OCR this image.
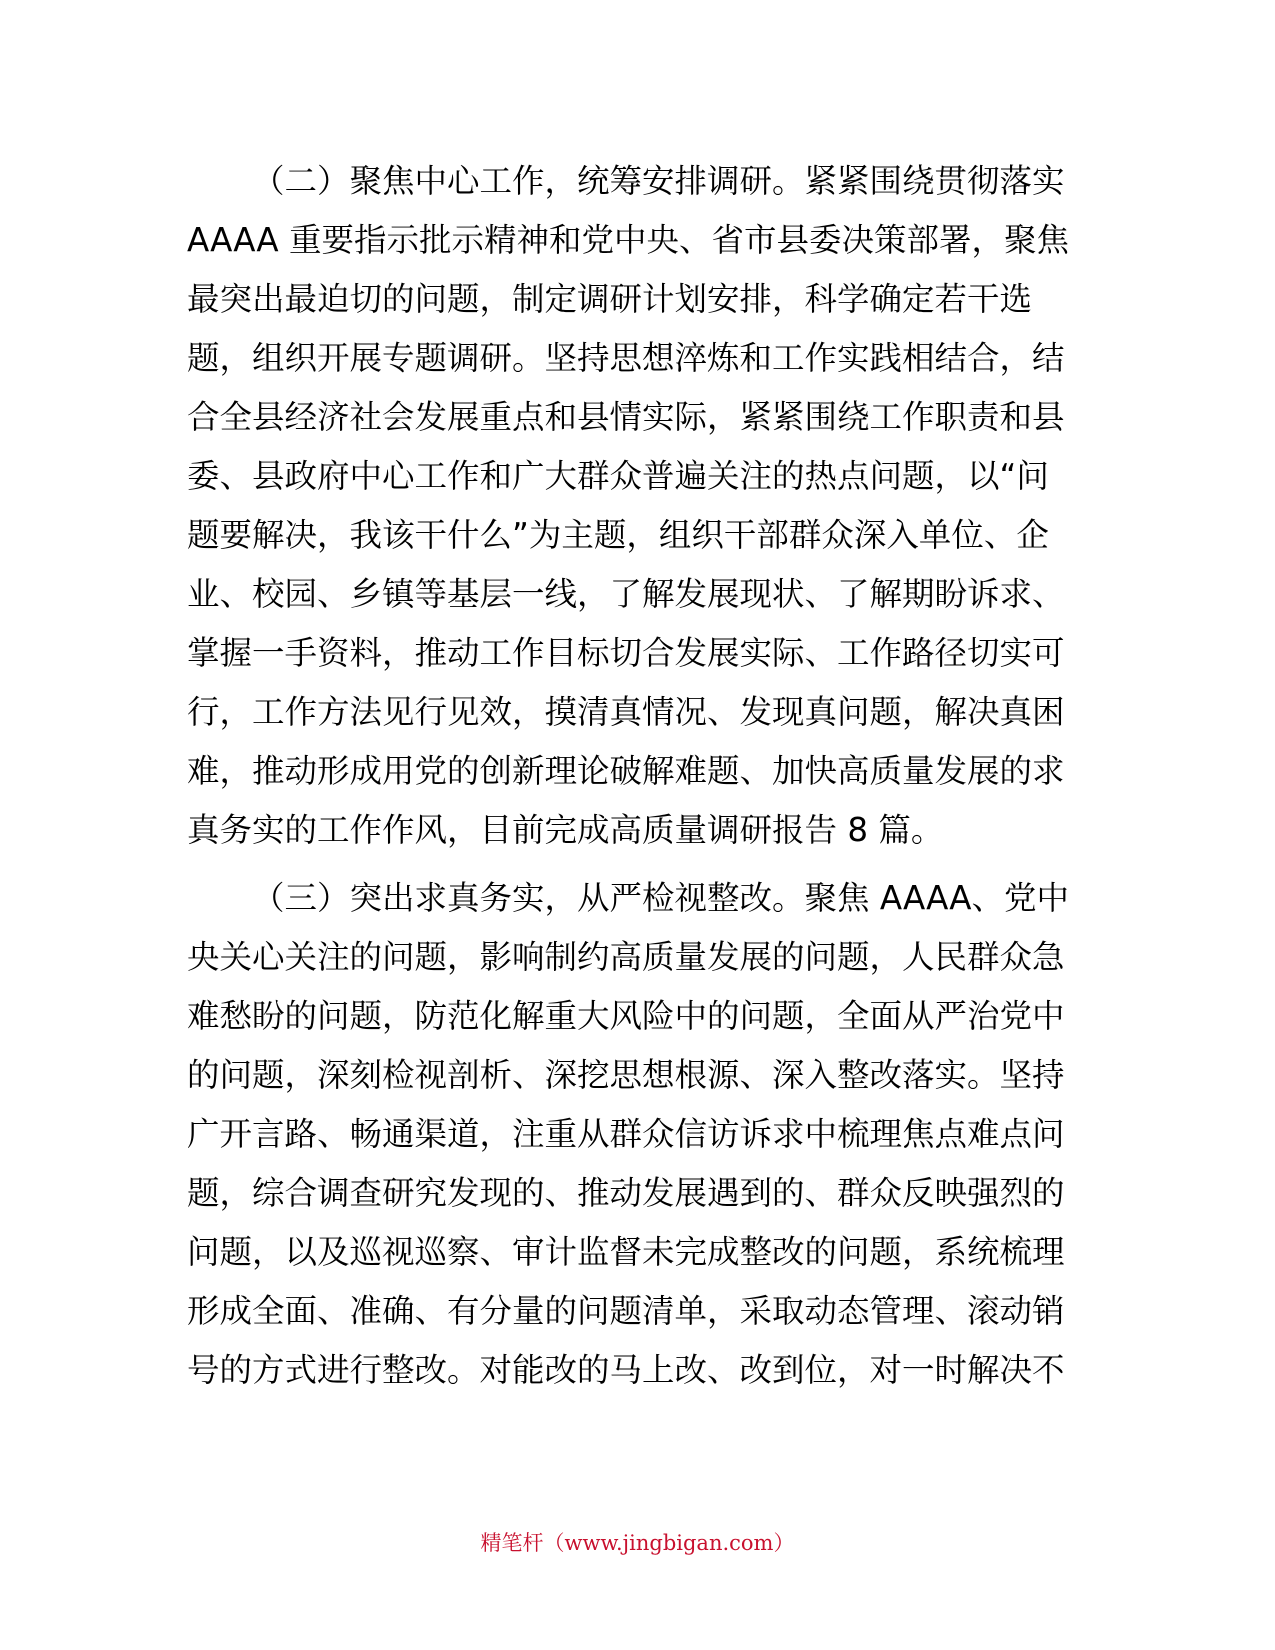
（二）聚焦中心工作，统筹安排调研。紧紧围绕贯彻落实
AAAA 重要指示批示精神和党中央、省市县委决策部署，聚焦
最突出最迫切的问题，制定调研计划安排，科学确定若干选
题，组织开展专题调研。坚持思想淬炼和工作实践相结合，结
合全县经济社会发展重点和县情实际，紧紧围绕工作职责和县
委、县政府中心工作和广大群众普遍关注的热点问题，以“问
题要解决，我该干什么”为主题，组织干部群众深入单位、企
业、校园、乡镇等基层一线，了解发展现状、了解期盼诉求、
掌握一手资料，推动工作目标切合发展实际、工作路径切实可
行，工作方法见行见效，摸清真情况、发现真问题，解决真困
难，推动形成用党的创新理论破解难题、加快高质量发展的求
真务实的工作作风，目前完成高质量调研报告 8 篇。

（三）突出求真务实，从严检视整改。聚焦 AAAA、党中
央关心关注的问题，影响制约高质量发展的问题，人民群众急
难愁盼的问题，防范化解重大风险中的问题，全面从严治党中
的问题，深刻检视剖析、深挖思想根源、深入整改落实。坚持
广开言路、畅通渠道，注重从群众信访诉求中梳理焦点难点问
题，综合调查研究发现的、推动发展遇到的、群众反映强烈的
问题，以及巡视巡察、审计监督未完成整改的问题，系统梳理
形成全面、准确、有分量的问题清单，采取动态管理、滚动销
号的方式进行整改。对能改的马上改、改到位，对一时解决不

精笔杆（www.jingbigan.com）
